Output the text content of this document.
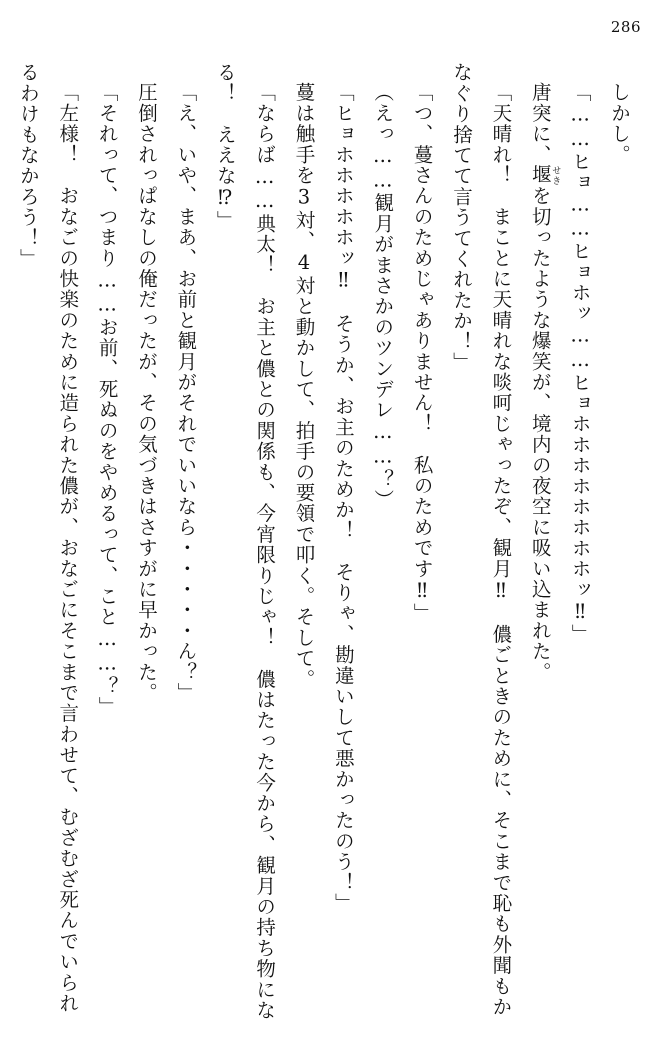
286

しかし。

「……ヒョ……ヒョホッ……ヒョホホホホホホホホッ‼」

唐突に、堰せきを切ったような爆笑が、境内の夜空に吸い込まれた。

「天晴れ！　まことに天晴れな啖呵じゃったぞ、観月‼　儂ごときのために、そこまで恥も外聞もかなぐり捨てて言うてくれたか！」

「つ、蔓さんのためじゃありません！　私のためです‼」

（えっ……観月がまさかのツンデレ……？）

「ヒョホホホホホッ‼　そうか、お主のためか！　そりゃ、勘違いして悪かったのう！」

蔓は触手を3対、4対と動かして、拍手の要領で叩く。そして。

「ならば……典太！　お主と儂との関係も、今宵限りじゃ！　儂はたった今から、観月の持ち物になる！　ええな⁉」

「え、いや、まあ、お前と観月がそれでいいなら・・・・・ん？」

圧倒されっぱなしの俺だったが、その気づきはさすがに早かった。

「それって、つまり……お前、死ぬのをやめるって、こと……？」

「左様！　おなごの快楽のために造られた儂が、おなごにそこまで言わせて、むざむざ死んでいられるわけもなかろう！」
